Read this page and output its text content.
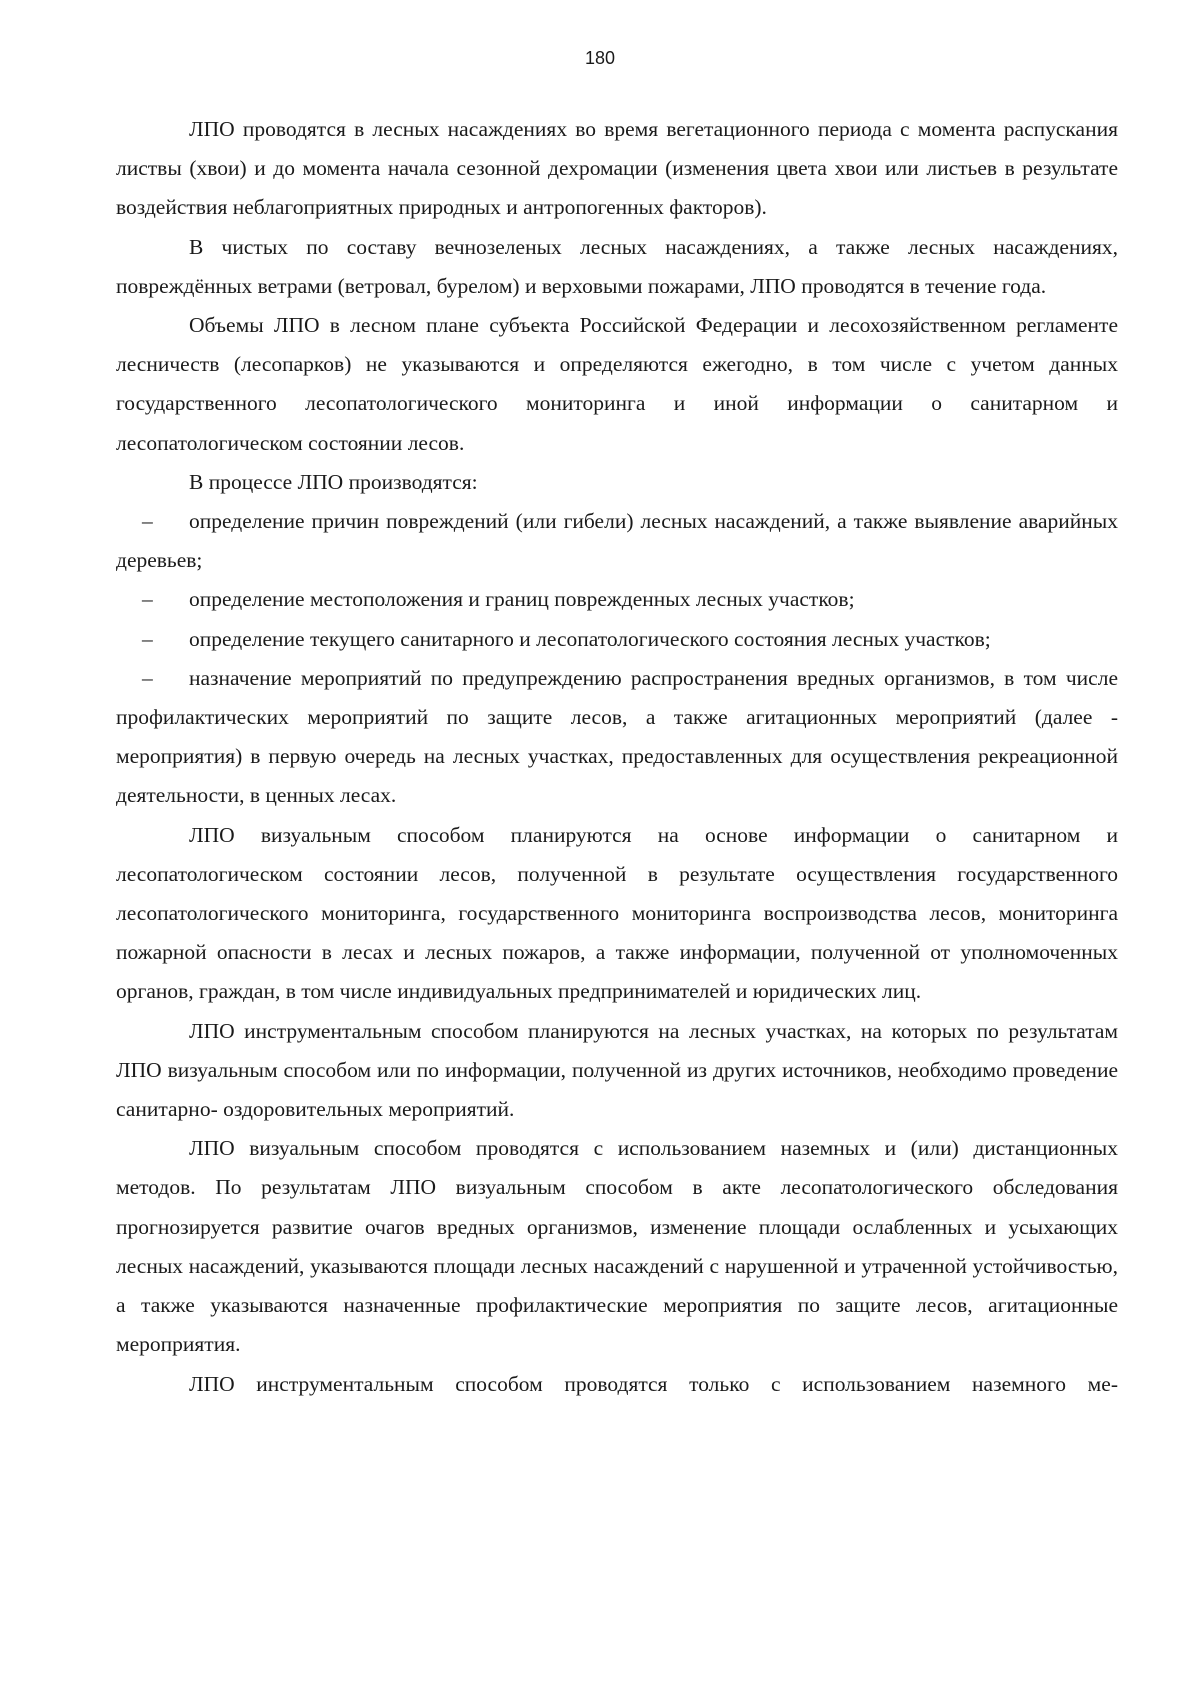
180

ЛПО проводятся в лесных насаждениях во время вегетационного периода с момента распускания листвы (хвои) и до момента начала сезонной дехромации (изменения цвета хвои или листьев в результате воздействия неблагоприятных природных и антропогенных факторов).

В чистых по составу вечнозеленых лесных насаждениях, а также лесных насаждениях, повреждённых ветрами (ветровал, бурелом) и верховыми пожарами, ЛПО проводятся в течение года.

Объемы ЛПО в лесном плане субъекта Российской Федерации и лесохозяйственном регламенте лесничеств (лесопарков) не указываются и определяются ежегодно, в том числе с учетом данных государственного лесопатологического мониторинга и иной информации о санитарном и лесопатологическом состоянии лесов.

В процессе ЛПО производятся:

– определение причин повреждений (или гибели) лесных насаждений, а также выявление аварийных деревьев;

– определение местоположения и границ поврежденных лесных участков;

– определение текущего санитарного и лесопатологического состояния лесных участков;

– назначение мероприятий по предупреждению распространения вредных организмов, в том числе профилактических мероприятий по защите лесов, а также агитационных мероприятий (далее - мероприятия) в первую очередь на лесных участках, предоставленных для осуществления рекреационной деятельности, в ценных лесах.

ЛПО визуальным способом планируются на основе информации о санитарном и лесопатологическом состоянии лесов, полученной в результате осуществления государственного лесопатологического мониторинга, государственного мониторинга воспроизводства лесов, мониторинга пожарной опасности в лесах и лесных пожаров, а также информации, полученной от уполномоченных органов, граждан, в том числе индивидуальных предпринимателей и юридических лиц.

ЛПО инструментальным способом планируются на лесных участках, на которых по результатам ЛПО визуальным способом или по информации, полученной из других источников, необходимо проведение санитарно- оздоровительных мероприятий.

ЛПО визуальным способом проводятся с использованием наземных и (или) дистанционных методов. По результатам ЛПО визуальным способом в акте лесопатологического обследования прогнозируется развитие очагов вредных организмов, изменение площади ослабленных и усыхающих лесных насаждений, указываются площади лесных насаждений с нарушенной и утраченной устойчивостью, а также указываются назначенные профилактические мероприятия по защите лесов, агитационные мероприятия.

ЛПО инструментальным способом проводятся только с использованием наземного ме-
